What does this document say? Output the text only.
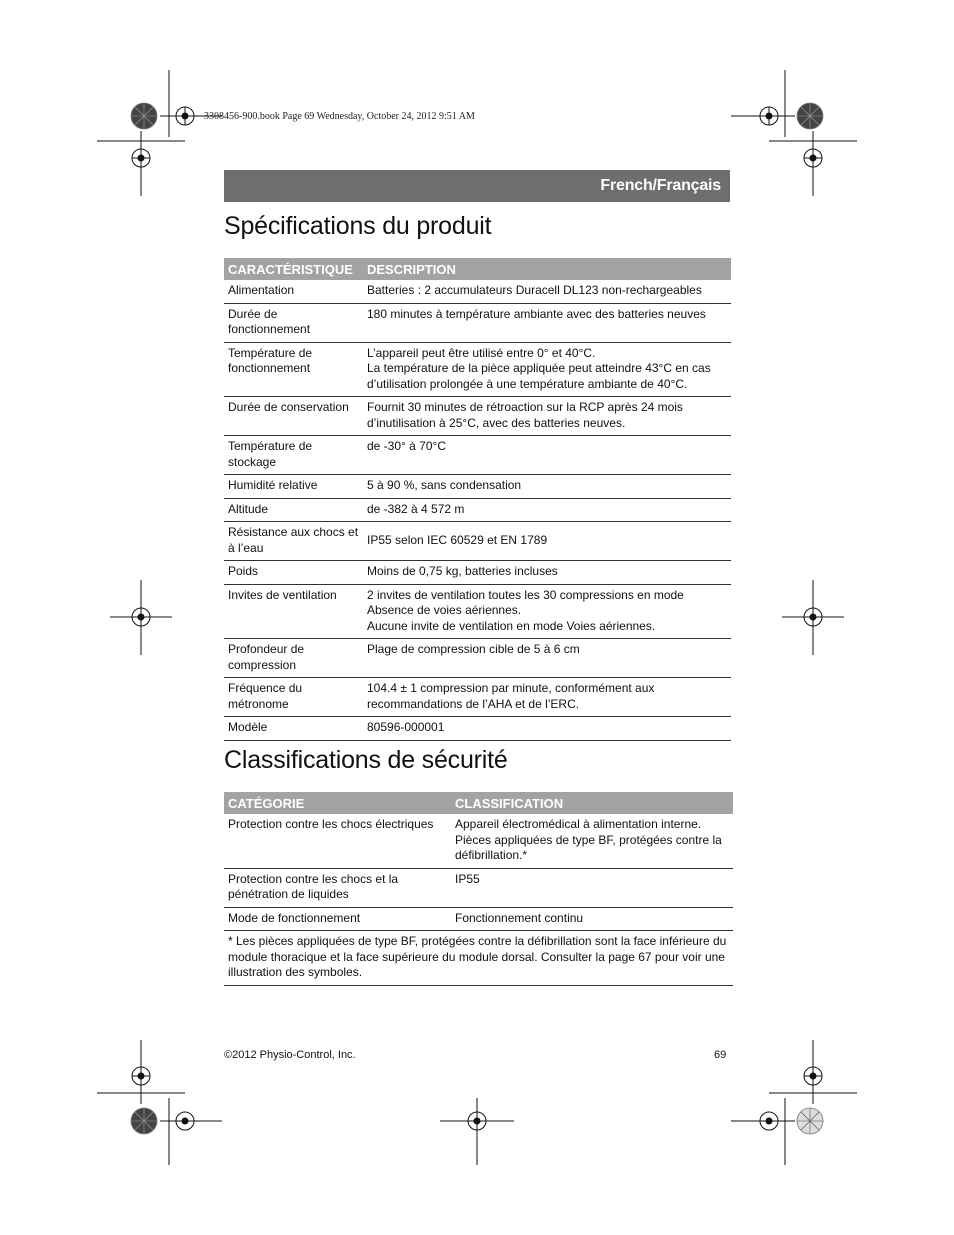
3308456-900.book Page 69 Wednesday, October 24, 2012 9:51 AM
French/Français
Spécifications du produit
CARACTÉRISTIQUE	DESCRIPTION
Alimentation	Batteries : 2 accumulateurs Duracell DL123 non-rechargeables
Durée de fonctionnement	180 minutes à température ambiante avec des batteries neuves
Température de fonctionnement	L’appareil peut être utilisé entre 0° et 40°C.
La température de la pièce appliquée peut atteindre 43°C en cas d’utilisation prolongée à une température ambiante de 40°C.
Durée de conservation	Fournit 30 minutes de rétroaction sur la RCP après 24 mois d’inutilisation à 25°C, avec des batteries neuves.
Température de stockage	de -30° à 70°C
Humidité relative	5 à 90 %, sans condensation
Altitude	de -382 à 4 572 m
Résistance aux chocs et à l’eau	IP55 selon IEC 60529 et EN 1789
Poids	Moins de 0,75 kg, batteries incluses
Invites de ventilation	2 invites de ventilation toutes les 30 compressions en mode Absence de voies aériennes.
Aucune invite de ventilation en mode Voies aériennes.
Profondeur de compression	Plage de compression cible de 5 à 6 cm
Fréquence du métronome	104.4 ± 1 compression par minute, conformément aux recommandations de l’AHA et de l’ERC.
Modèle	80596-000001
Classifications de sécurité
CATÉGORIE	CLASSIFICATION
Protection contre les chocs électriques	Appareil électromédical à alimentation interne.
Pièces appliquées de type BF, protégées contre la défibrillation.*
Protection contre les chocs et la pénétration de liquides	IP55
Mode de fonctionnement	Fonctionnement continu
* Les pièces appliquées de type BF, protégées contre la défibrillation sont la face inférieure du module thoracique et la face supérieure du module dorsal. Consulter la page 67 pour voir une illustration des symboles.	
©2012 Physio-Control, Inc.	69
